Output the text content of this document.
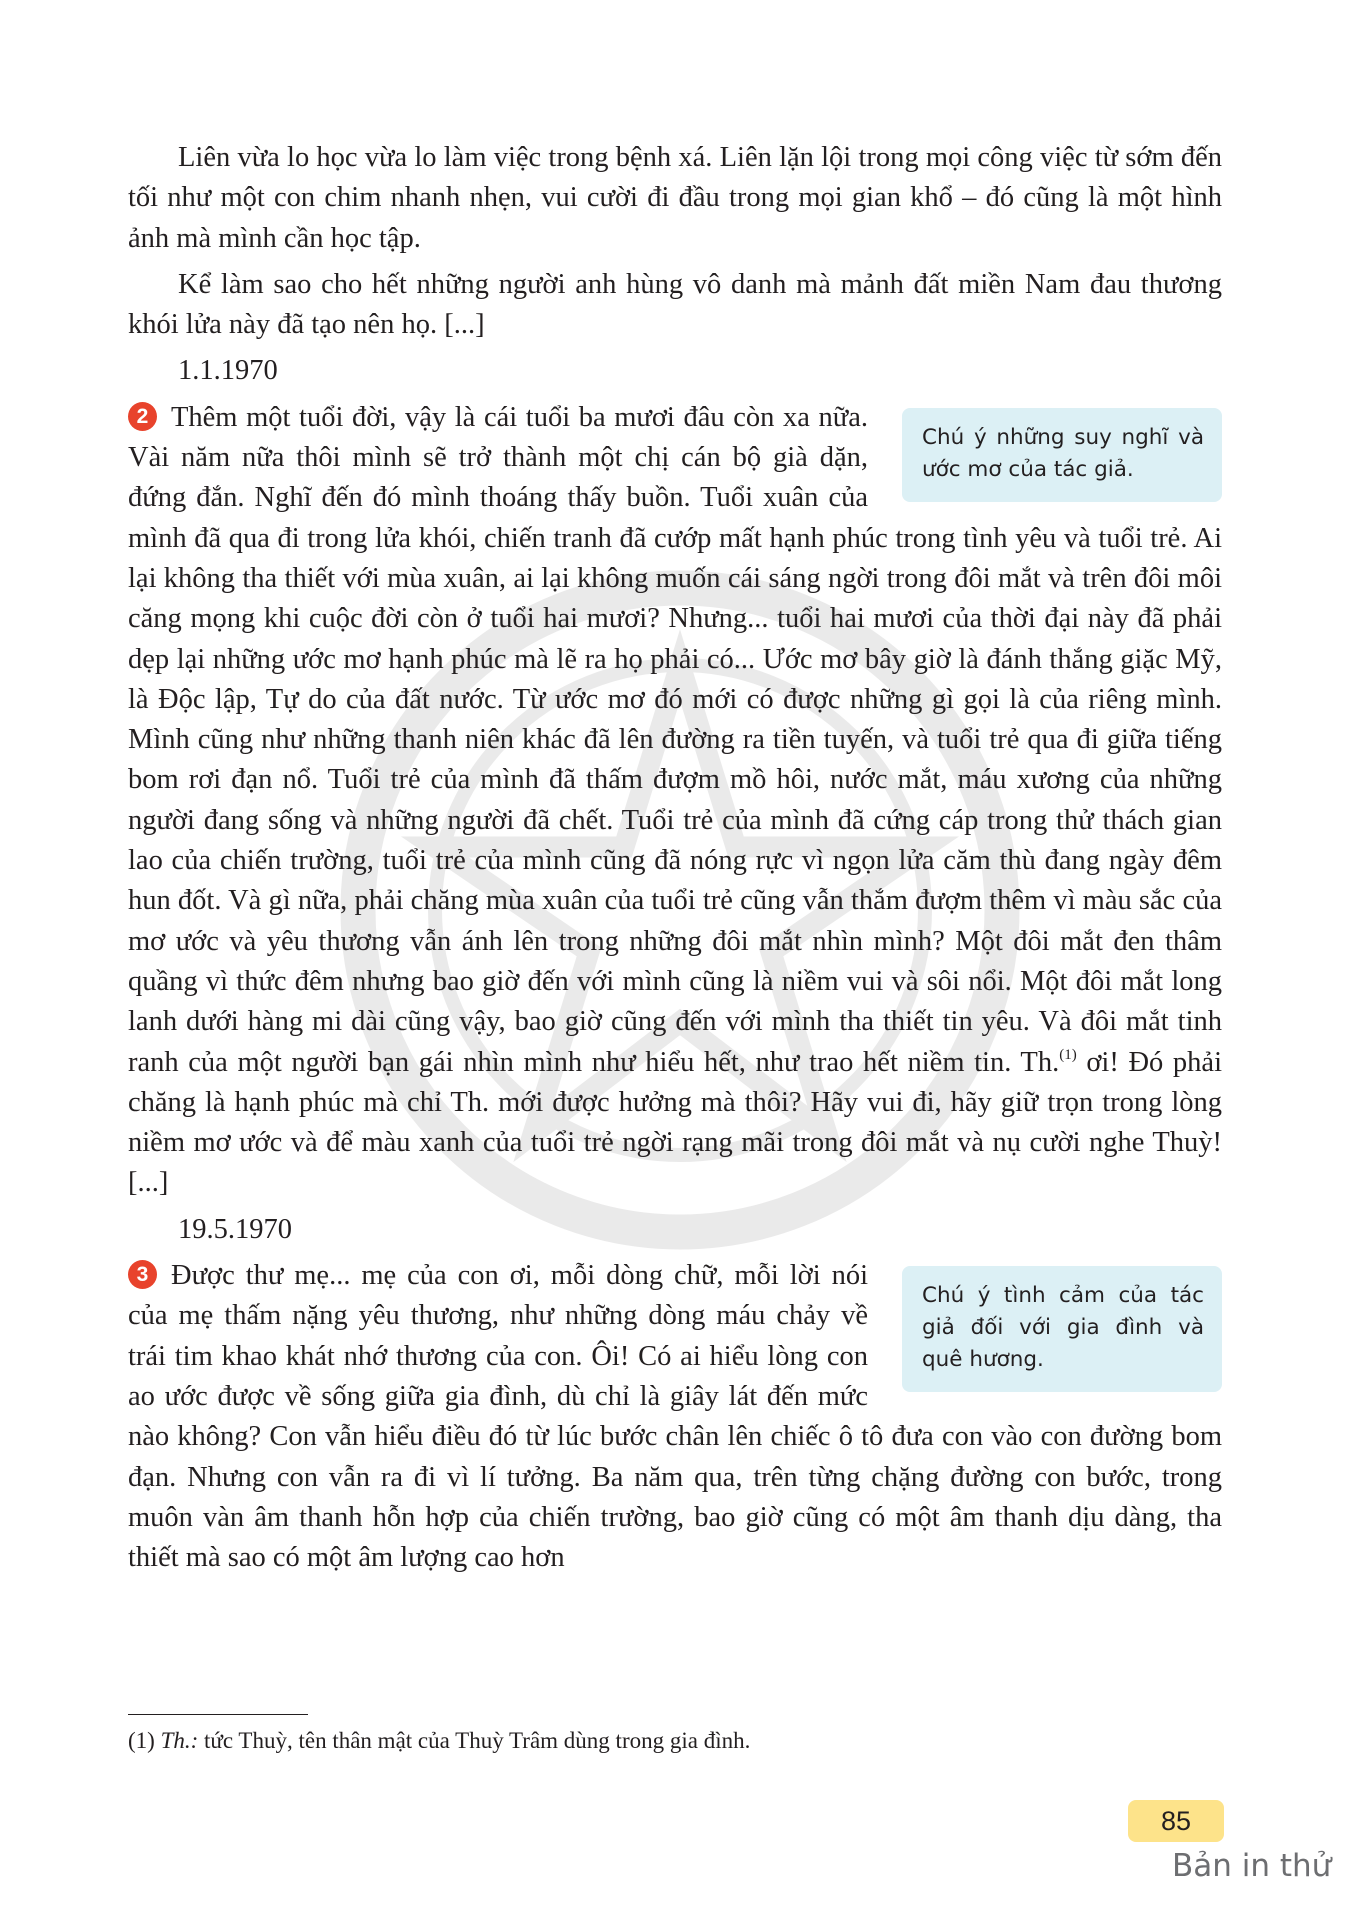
Liên vừa lo học vừa lo làm việc trong bệnh xá. Liên lặn lội trong mọi công việc từ sớm đến tối như một con chim nhanh nhẹn, vui cười đi đầu trong mọi gian khổ – đó cũng là một hình ảnh mà mình cần học tập.

Kể làm sao cho hết những người anh hùng vô danh mà mảnh đất miền Nam đau thương khói lửa này đã tạo nên họ. [...]

1.1.1970
Chú ý những suy nghĩ và ước mơ của tác giả.
2 Thêm một tuổi đời, vậy là cái tuổi ba mươi đâu còn xa nữa. Vài năm nữa thôi mình sẽ trở thành một chị cán bộ già dặn, đứng đắn. Nghĩ đến đó mình thoáng thấy buồn. Tuổi xuân của mình đã qua đi trong lửa khói, chiến tranh đã cướp mất hạnh phúc trong tình yêu và tuổi trẻ. Ai lại không tha thiết với mùa xuân, ai lại không muốn cái sáng ngời trong đôi mắt và trên đôi môi căng mọng khi cuộc đời còn ở tuổi hai mươi? Nhưng... tuổi hai mươi của thời đại này đã phải dẹp lại những ước mơ hạnh phúc mà lẽ ra họ phải có... Ước mơ bây giờ là đánh thắng giặc Mỹ, là Độc lập, Tự do của đất nước. Từ ước mơ đó mới có được những gì gọi là của riêng mình. Mình cũng như những thanh niên khác đã lên đường ra tiền tuyến, và tuổi trẻ qua đi giữa tiếng bom rơi đạn nổ. Tuổi trẻ của mình đã thấm đượm mồ hôi, nước mắt, máu xương của những người đang sống và những người đã chết. Tuổi trẻ của mình đã cứng cáp trong thử thách gian lao của chiến trường, tuổi trẻ của mình cũng đã nóng rực vì ngọn lửa căm thù đang ngày đêm hun đốt. Và gì nữa, phải chăng mùa xuân của tuổi trẻ cũng vẫn thắm đượm thêm vì màu sắc của mơ ước và yêu thương vẫn ánh lên trong những đôi mắt nhìn mình? Một đôi mắt đen thâm quầng vì thức đêm nhưng bao giờ đến với mình cũng là niềm vui và sôi nổi. Một đôi mắt long lanh dưới hàng mi dài cũng vậy, bao giờ cũng đến với mình tha thiết tin yêu. Và đôi mắt tinh ranh của một người bạn gái nhìn mình như hiểu hết, như trao hết niềm tin. Th.$^{(1)}$ ơi! Đó phải chăng là hạnh phúc mà chỉ Th. mới được hưởng mà thôi? Hãy vui đi, hãy giữ trọn trong lòng niềm mơ ước và để màu xanh của tuổi trẻ ngời rạng mãi trong đôi mắt và nụ cười nghe Thuỳ! [...]
19.5.1970
Chú ý tình cảm của tác giả đối với gia đình và quê hương.
3 Được thư mẹ... mẹ của con ơi, mỗi dòng chữ, mỗi lời nói của mẹ thấm nặng yêu thương, như những dòng máu chảy về trái tim khao khát nhớ thương của con. Ôi! Có ai hiểu lòng con ao ước được về sống giữa gia đình, dù chỉ là giây lát đến mức nào không? Con vẫn hiểu điều đó từ lúc bước chân lên chiếc ô tô đưa con vào con đường bom đạn. Nhưng con vẫn ra đi vì lí tưởng. Ba năm qua, trên từng chặng đường con bước, trong muôn vàn âm thanh hỗn hợp của chiến trường, bao giờ cũng có một âm thanh dịu dàng, tha thiết mà sao có một âm lượng cao hơn
(1) Th.: tức Thuỳ, tên thân mật của Thuỳ Trâm dùng trong gia đình.
85
Bản in thử
